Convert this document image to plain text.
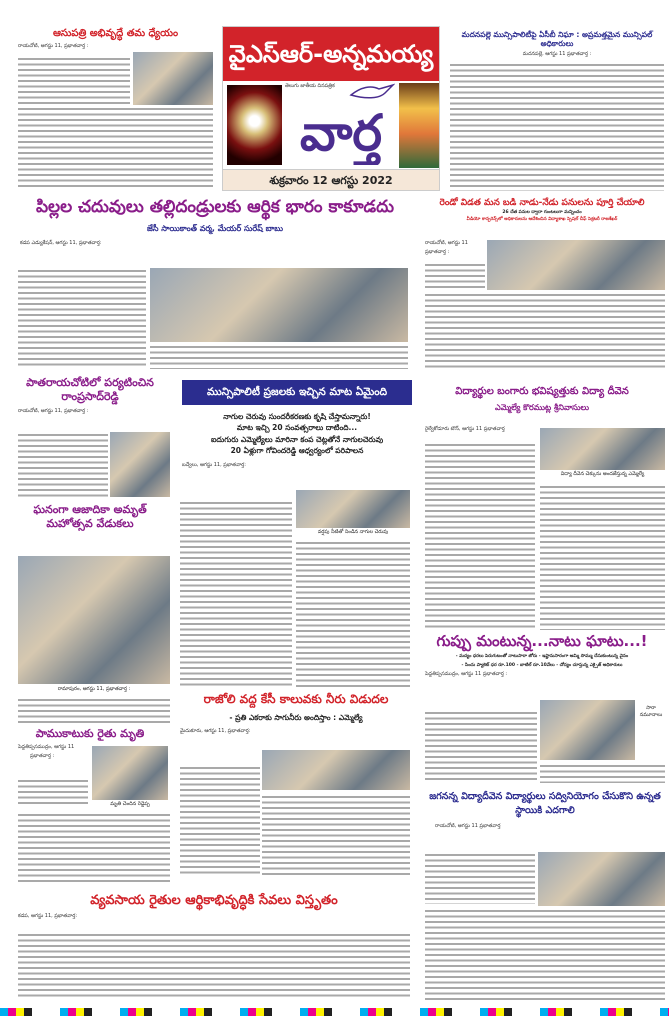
ఆసుపత్రి అభివృద్ధే తమ ధ్యేయం
రాయచోటి, ఆగస్టు 11, ప్రభాతవార్త :	వైఎస్ఆర్-అన్నమయ్య
తెలుగు జాతీయ దినపత్రిక
వార్త
శుక్రవారం 12 ఆగస్టు 2022
మదనపల్లె మున్సిపాలిటీపై ఏసీబీ నిఘా : అప్రమత్తమైన మున్సిపల్ అధికారులు
మదనపల్లె, ఆగస్టు 11 ప్రభాతవార్త :
పిల్లల చదువులు తల్లిదండ్రులకు ఆర్థిక భారం కాకూడదు
జేసీ సాయికాంత్ వర్మ, మేయర్ సురేష్ బాబు
కడప ఎడ్యుకేషన్, ఆగస్టు 11, ప్రభాతవార్త:
రెండో విడత మన బడి నాడు-నేడు పనులను పూర్తి చేయాలి
26 చేత పనుల ద్వారా గుంటలుగా మన్నించం
వీడియో కాన్ఫరెన్స్‌లో అధికారులను ఆదేశించిన విద్యాశాఖ స్పెషల్ చీఫ్ సెక్రటరీ రాజశేఖర్
రాయచోటి, ఆగస్టు 11
ప్రభాతవార్త :
పాతరాయచోటిలో పర్యటించిన రాంప్రసాద్‌రెడ్డి
రాయచోటి, ఆగస్టు 11, ప్రభాతవార్త :
మున్సిపాలిటీ ప్రజలకు ఇచ్చిన మాట ఏమైంది
నాగుల చెరువు సుందరీకరణకు కృషి చేస్తామన్నారు!
మాట ఇచ్చి 20 సంవత్సరాలు దాటింది...
ఐదుగురు ఎమ్మెల్యేలు మారినా కంప చెట్లతోనే నాగులచెరువు
20 ఏళ్లుగా గోవిందరెడ్డి ఆధ్వర్యంలో పరిపాలన
బద్వేలు, ఆగస్టు 11, ప్రభాతవార్త:
వర్షపు నీటితో నిండిన నాగుల చెరువు
విద్యార్థుల బంగారు భవిష్యత్తుకు విద్యా దీవెన
ఎమ్మెల్యే కొరముట్ల శ్రీనివాసులు
రైల్వేకోడూరు టౌన్, ఆగస్టు 11 ప్రభాతవార్త
విద్యా దీవెన చెక్కును అందజేస్తున్న ఎమ్మెల్యే
ఘనంగా ఆజాదికా అమృత్ మహోత్సవ వేడుకలు
రామాపురం, ఆగస్టు 11, ప్రభాతవార్త :
రాజోలి వద్ద కేసీ కాలువకు నీరు విడుదల
- ప్రతి ఎకరాకు సాగునీరు అందిస్తాం : ఎమ్మెల్యే
మైదుకూరు, ఆగస్టు 11, ప్రభాతవార్త:
గుప్పు మంటున్న...నాటు ఘాటు...!
- మద్యం ధరలు పెరుగుటంతో నాటుసారా జోరు - ఇష్టానుసారంగా అమ్మి సొమ్ము చేసుకుంటున్న వైనం
- సిందు ప్యాకెట్ ధర రూ.100 - బాటిల్ రూ.10వేలు - చోద్యం చూస్తున్న ఎక్సైజ్ అధికారులు
పెద్దతిప్పసముద్రం, ఆగస్టు 11 ప్రభాతవార్త :
సారా నమూనాలు
పాముకాటుకు రైతు మృతి
పెద్దతిప్పసముద్రం, ఆగస్టు 11
ప్రభాతవార్త :
మృతి చెందిన రెడ్డెప్ప
జగనన్న విద్యాదీవెన విద్యార్థులు సద్వినియోగం చేసుకొని ఉన్నత స్థాయికి ఎదగాలి
రాయచోటి, ఆగస్టు 11 ప్రభాతవార్త
వ్యవసాయ రైతుల ఆర్థికాభివృద్ధికి సేవలు విస్తృతం
కడప, ఆగస్టు 11, ప్రభాతవార్త:
